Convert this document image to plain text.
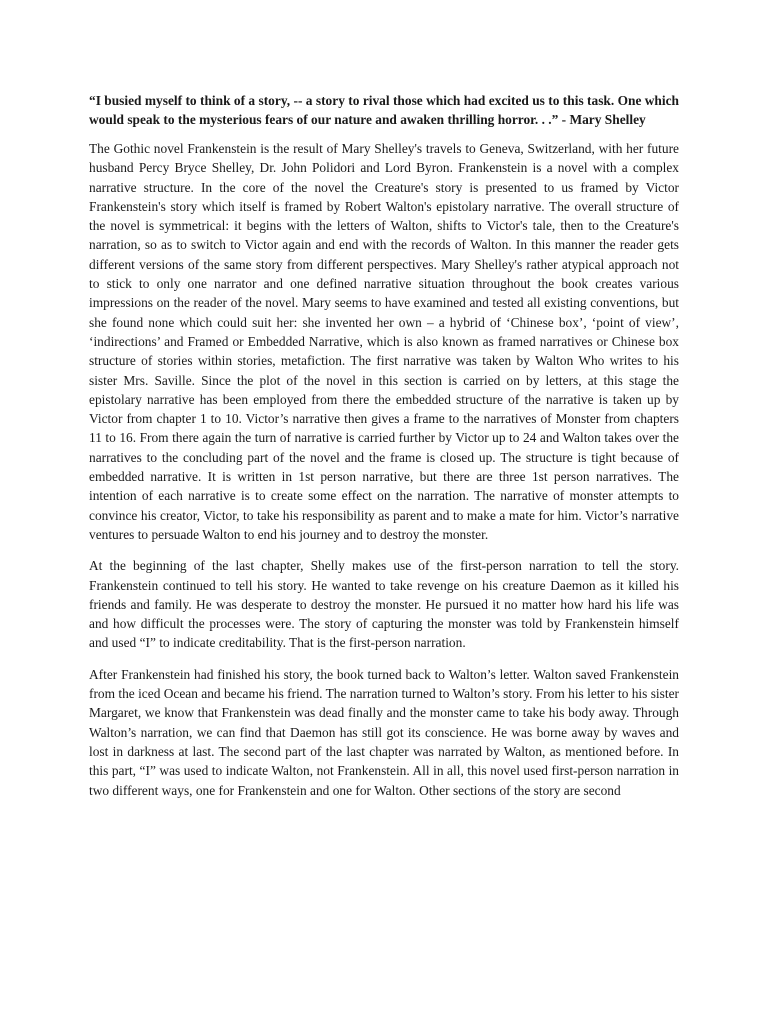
“I busied myself to think of a story, -- a story to rival those which had excited us to this task. One which would speak to the mysterious fears of our nature and awaken thrilling horror. . .” - Mary Shelley

The Gothic novel Frankenstein is the result of Mary Shelley's travels to Geneva, Switzerland, with her future husband Percy Bryce Shelley, Dr. John Polidori and Lord Byron. Frankenstein is a novel with a complex narrative structure. In the core of the novel the Creature's story is presented to us framed by Victor Frankenstein's story which itself is framed by Robert Walton's epistolary narrative. The overall structure of the novel is symmetrical: it begins with the letters of Walton, shifts to Victor's tale, then to the Creature's narration, so as to switch to Victor again and end with the records of Walton. In this manner the reader gets different versions of the same story from different perspectives. Mary Shelley's rather atypical approach not to stick to only one narrator and one defined narrative situation throughout the book creates various impressions on the reader of the novel. Mary seems to have examined and tested all existing conventions, but she found none which could suit her: she invented her own – a hybrid of ‘Chinese box’, ‘point of view’, ‘indirections’ and Framed or Embedded Narrative, which is also known as framed narratives or Chinese box structure of stories within stories, metafiction. The first narrative was taken by Walton Who writes to his sister Mrs. Saville. Since the plot of the novel in this section is carried on by letters, at this stage the epistolary narrative has been employed from there the embedded structure of the narrative is taken up by Victor from chapter 1 to 10. Victor’s narrative then gives a frame to the narratives of Monster from chapters 11 to 16. From there again the turn of narrative is carried further by Victor up to 24 and Walton takes over the narratives to the concluding part of the novel and the frame is closed up. The structure is tight because of embedded narrative. It is written in 1st person narrative, but there are three 1st person narratives. The intention of each narrative is to create some effect on the narration. The narrative of monster attempts to convince his creator, Victor, to take his responsibility as parent and to make a mate for him. Victor’s narrative ventures to persuade Walton to end his journey and to destroy the monster.

At the beginning of the last chapter, Shelly makes use of the first-person narration to tell the story. Frankenstein continued to tell his story. He wanted to take revenge on his creature Daemon as it killed his friends and family. He was desperate to destroy the monster. He pursued it no matter how hard his life was and how difficult the processes were. The story of capturing the monster was told by Frankenstein himself and used “I” to indicate creditability. That is the first-person narration.

After Frankenstein had finished his story, the book turned back to Walton’s letter. Walton saved Frankenstein from the iced Ocean and became his friend. The narration turned to Walton’s story. From his letter to his sister Margaret, we know that Frankenstein was dead finally and the monster came to take his body away. Through Walton’s narration, we can find that Daemon has still got its conscience. He was borne away by waves and lost in darkness at last. The second part of the last chapter was narrated by Walton, as mentioned before. In this part, “I” was used to indicate Walton, not Frankenstein. All in all, this novel used first-person narration in two different ways, one for Frankenstein and one for Walton. Other sections of the story are second
